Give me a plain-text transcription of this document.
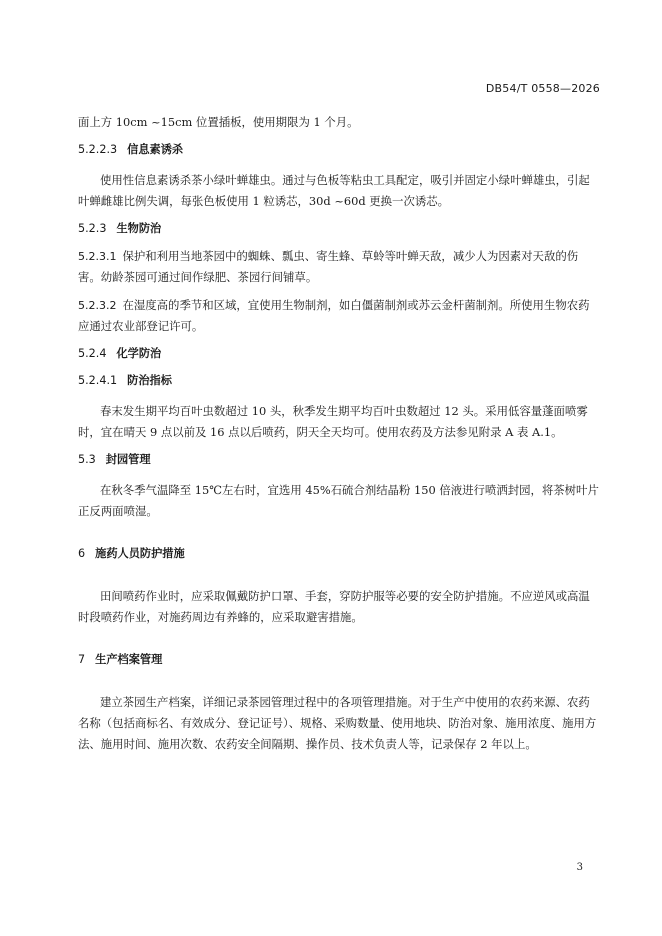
DB54/T 0558—2026

面上方 10cm ~15cm 位置插板，使用期限为 1 个月。

5.2.2.3 信息素诱杀

使用性信息素诱杀茶小绿叶蝉雄虫。通过与色板等粘虫工具配定，吸引并固定小绿叶蝉雄虫，引起叶蝉雌雄比例失调，每张色板使用 1 粒诱芯，30d ~60d 更换一次诱芯。

5.2.3 生物防治

5.2.3.1 保护和利用当地茶园中的蜘蛛、瓢虫、寄生蜂、草蛉等叶蝉天敌，减少人为因素对天敌的伤害。幼龄茶园可通过间作绿肥、茶园行间铺草。

5.2.3.2 在湿度高的季节和区域，宜使用生物制剂，如白僵菌制剂或苏云金杆菌制剂。所使用生物农药应通过农业部登记许可。

5.2.4 化学防治

5.2.4.1 防治指标

春末发生期平均百叶虫数超过 10 头，秋季发生期平均百叶虫数超过 12 头。采用低容量蓬面喷雾时，宜在晴天 9 点以前及 16 点以后喷药，阴天全天均可。使用农药及方法参见附录 A 表 A.1。

5.3 封园管理

在秋冬季气温降至 15℃左右时，宜选用 45%石硫合剂结晶粉 150 倍液进行喷洒封园，将茶树叶片正反两面喷湿。

6 施药人员防护措施

田间喷药作业时，应采取佩戴防护口罩、手套，穿防护服等必要的安全防护措施。不应逆风或高温时段喷药作业，对施药周边有养蜂的，应采取避害措施。

7 生产档案管理

建立茶园生产档案，详细记录茶园管理过程中的各项管理措施。对于生产中使用的农药来源、农药名称（包括商标名、有效成分、登记证号）、规格、采购数量、使用地块、防治对象、施用浓度、施用方法、施用时间、施用次数、农药安全间隔期、操作员、技术负责人等，记录保存 2 年以上。

3
